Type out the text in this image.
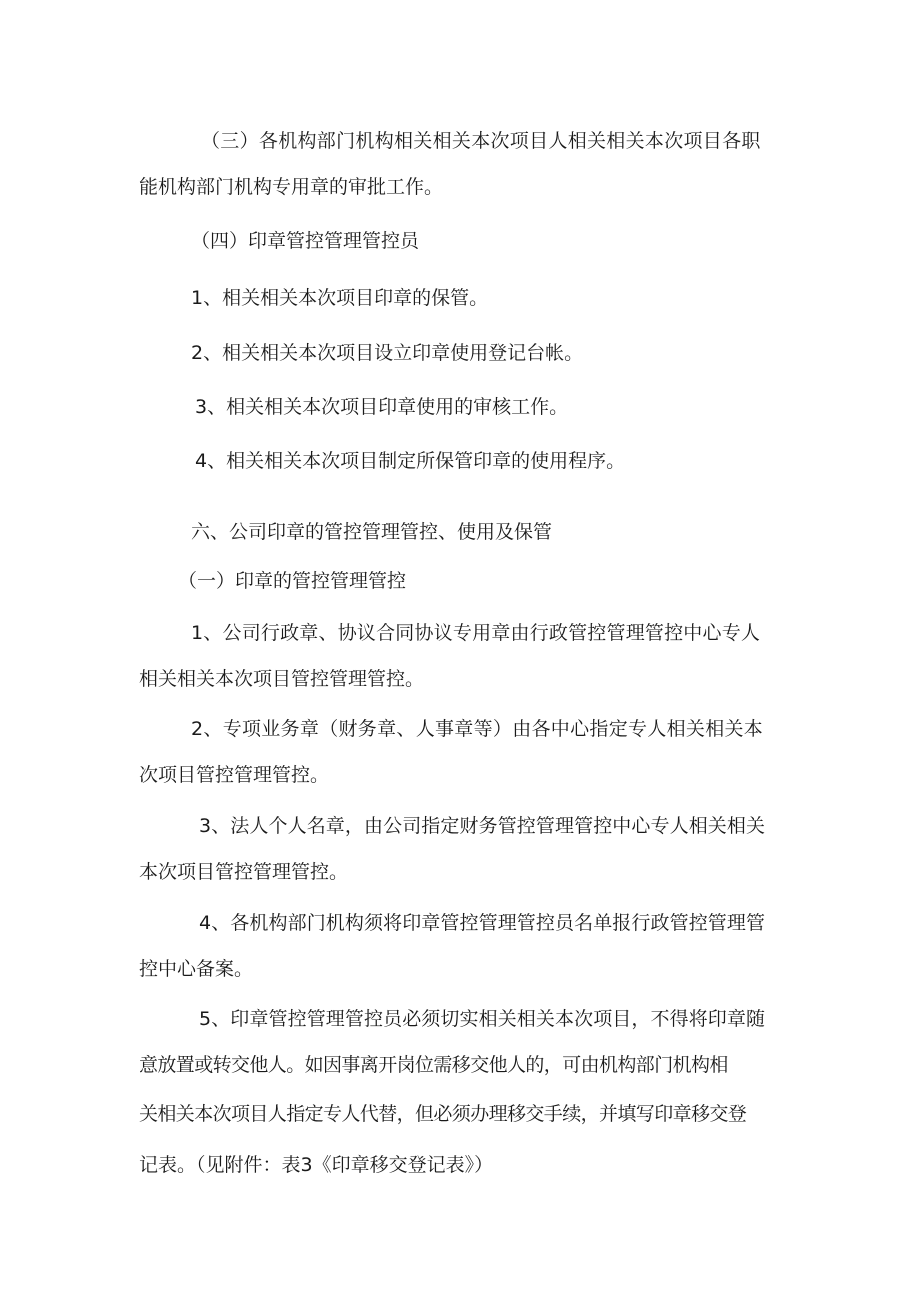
（三）各机构部门机构相关相关本次项目人相关相关本次项目各职

能机构部门机构专用章的审批工作。

（四）印章管控管理管控员

1、相关相关本次项目印章的保管。

2、相关相关本次项目设立印章使用登记台帐。

3、相关相关本次项目印章使用的审核工作。

4、相关相关本次项目制定所保管印章的使用程序。

六、公司印章的管控管理管控、使用及保管

（一）印章的管控管理管控

1、公司行政章、协议合同协议专用章由行政管控管理管控中心专人

相关相关本次项目管控管理管控。

2、专项业务章（财务章、人事章等）由各中心指定专人相关相关本

次项目管控管理管控。

3、法人个人名章，由公司指定财务管控管理管控中心专人相关相关

本次项目管控管理管控。

4、各机构部门机构须将印章管控管理管控员名单报行政管控管理管

控中心备案。

5、印章管控管理管控员必须切实相关相关本次项目，不得将印章随

意放置或转交他人。如因事离开岗位需移交他人的，可由机构部门机构相

关相关本次项目人指定专人代替，但必须办理移交手续，并填写印章移交登

记表。（见附件：表3《印章移交登记表》）
